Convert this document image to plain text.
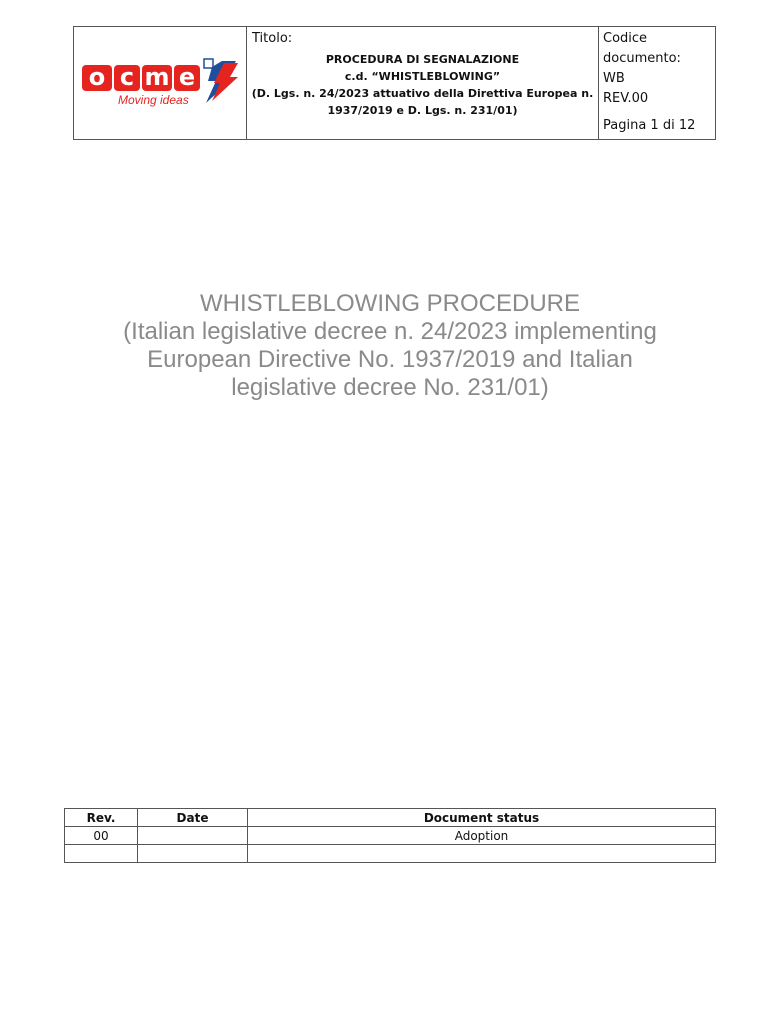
o c m e
Moving ideas
Titolo:
PROCEDURA DI SEGNALAZIONE
c.d. “WHISTLEBLOWING”
(D. Lgs. n. 24/2023 attuativo della Direttiva Europea n.
1937/2019 e D. Lgs. n. 231/01)
Codice
documento:
WB
REV.00
Pagina 1 di 12
WHISTLEBLOWING PROCEDURE
(Italian legislative decree n. 24/2023 implementing
European Directive No. 1937/2019 and Italian
legislative decree No. 231/01)
Rev.	Date	Document status
00		Adoption
